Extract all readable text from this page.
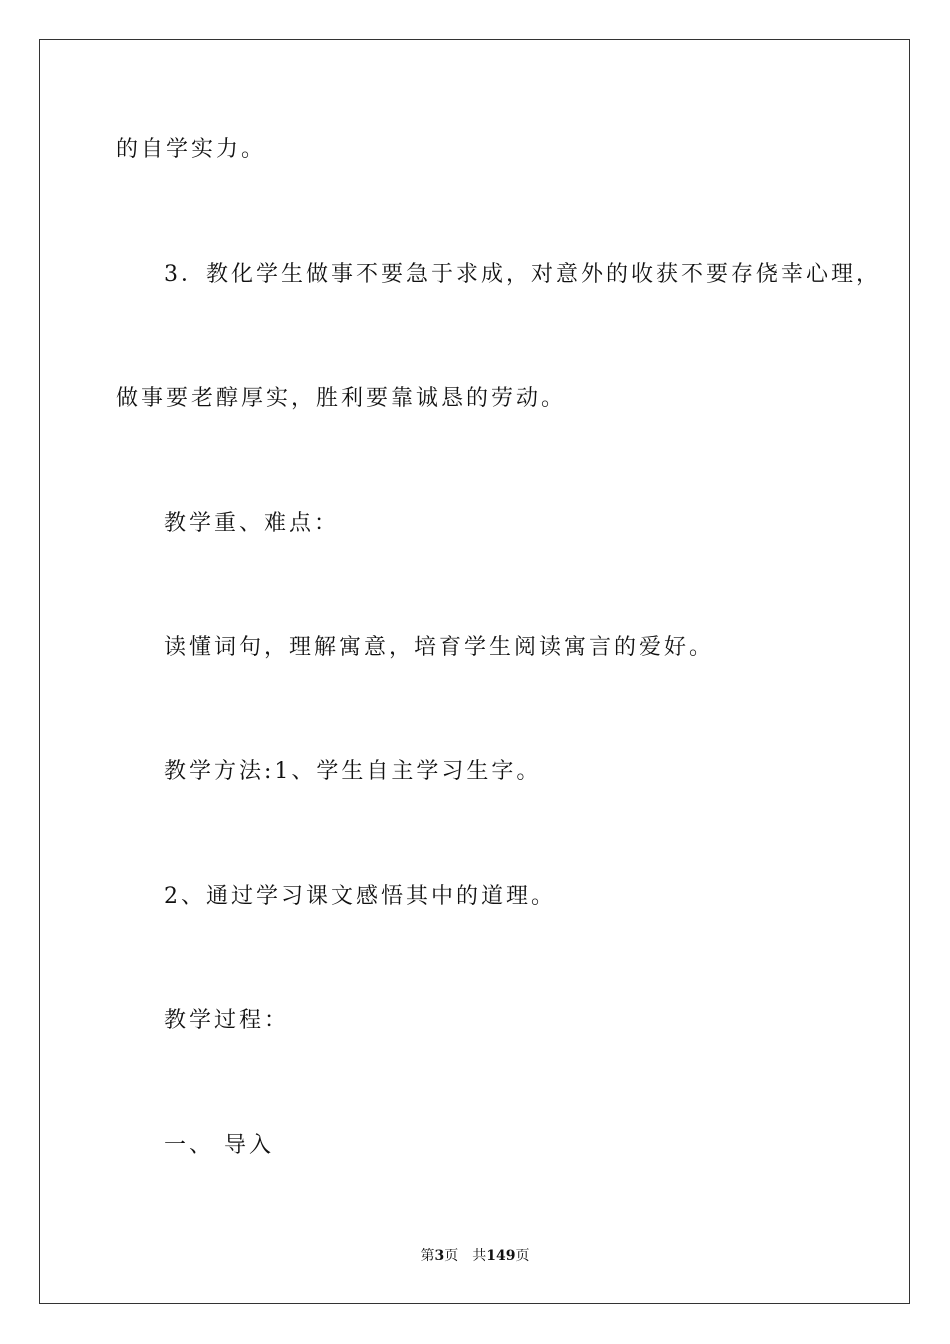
的自学实力。
3．教化学生做事不要急于求成，对意外的收获不要存侥幸心理，
做事要老醇厚实，胜利要靠诚恳的劳动。
教学重、难点：
读懂词句，理解寓意，培育学生阅读寓言的爱好。
教学方法:1、学生自主学习生字。
2、通过学习课文感悟其中的道理。
教学过程：
一、 导入
第3页 共149页
